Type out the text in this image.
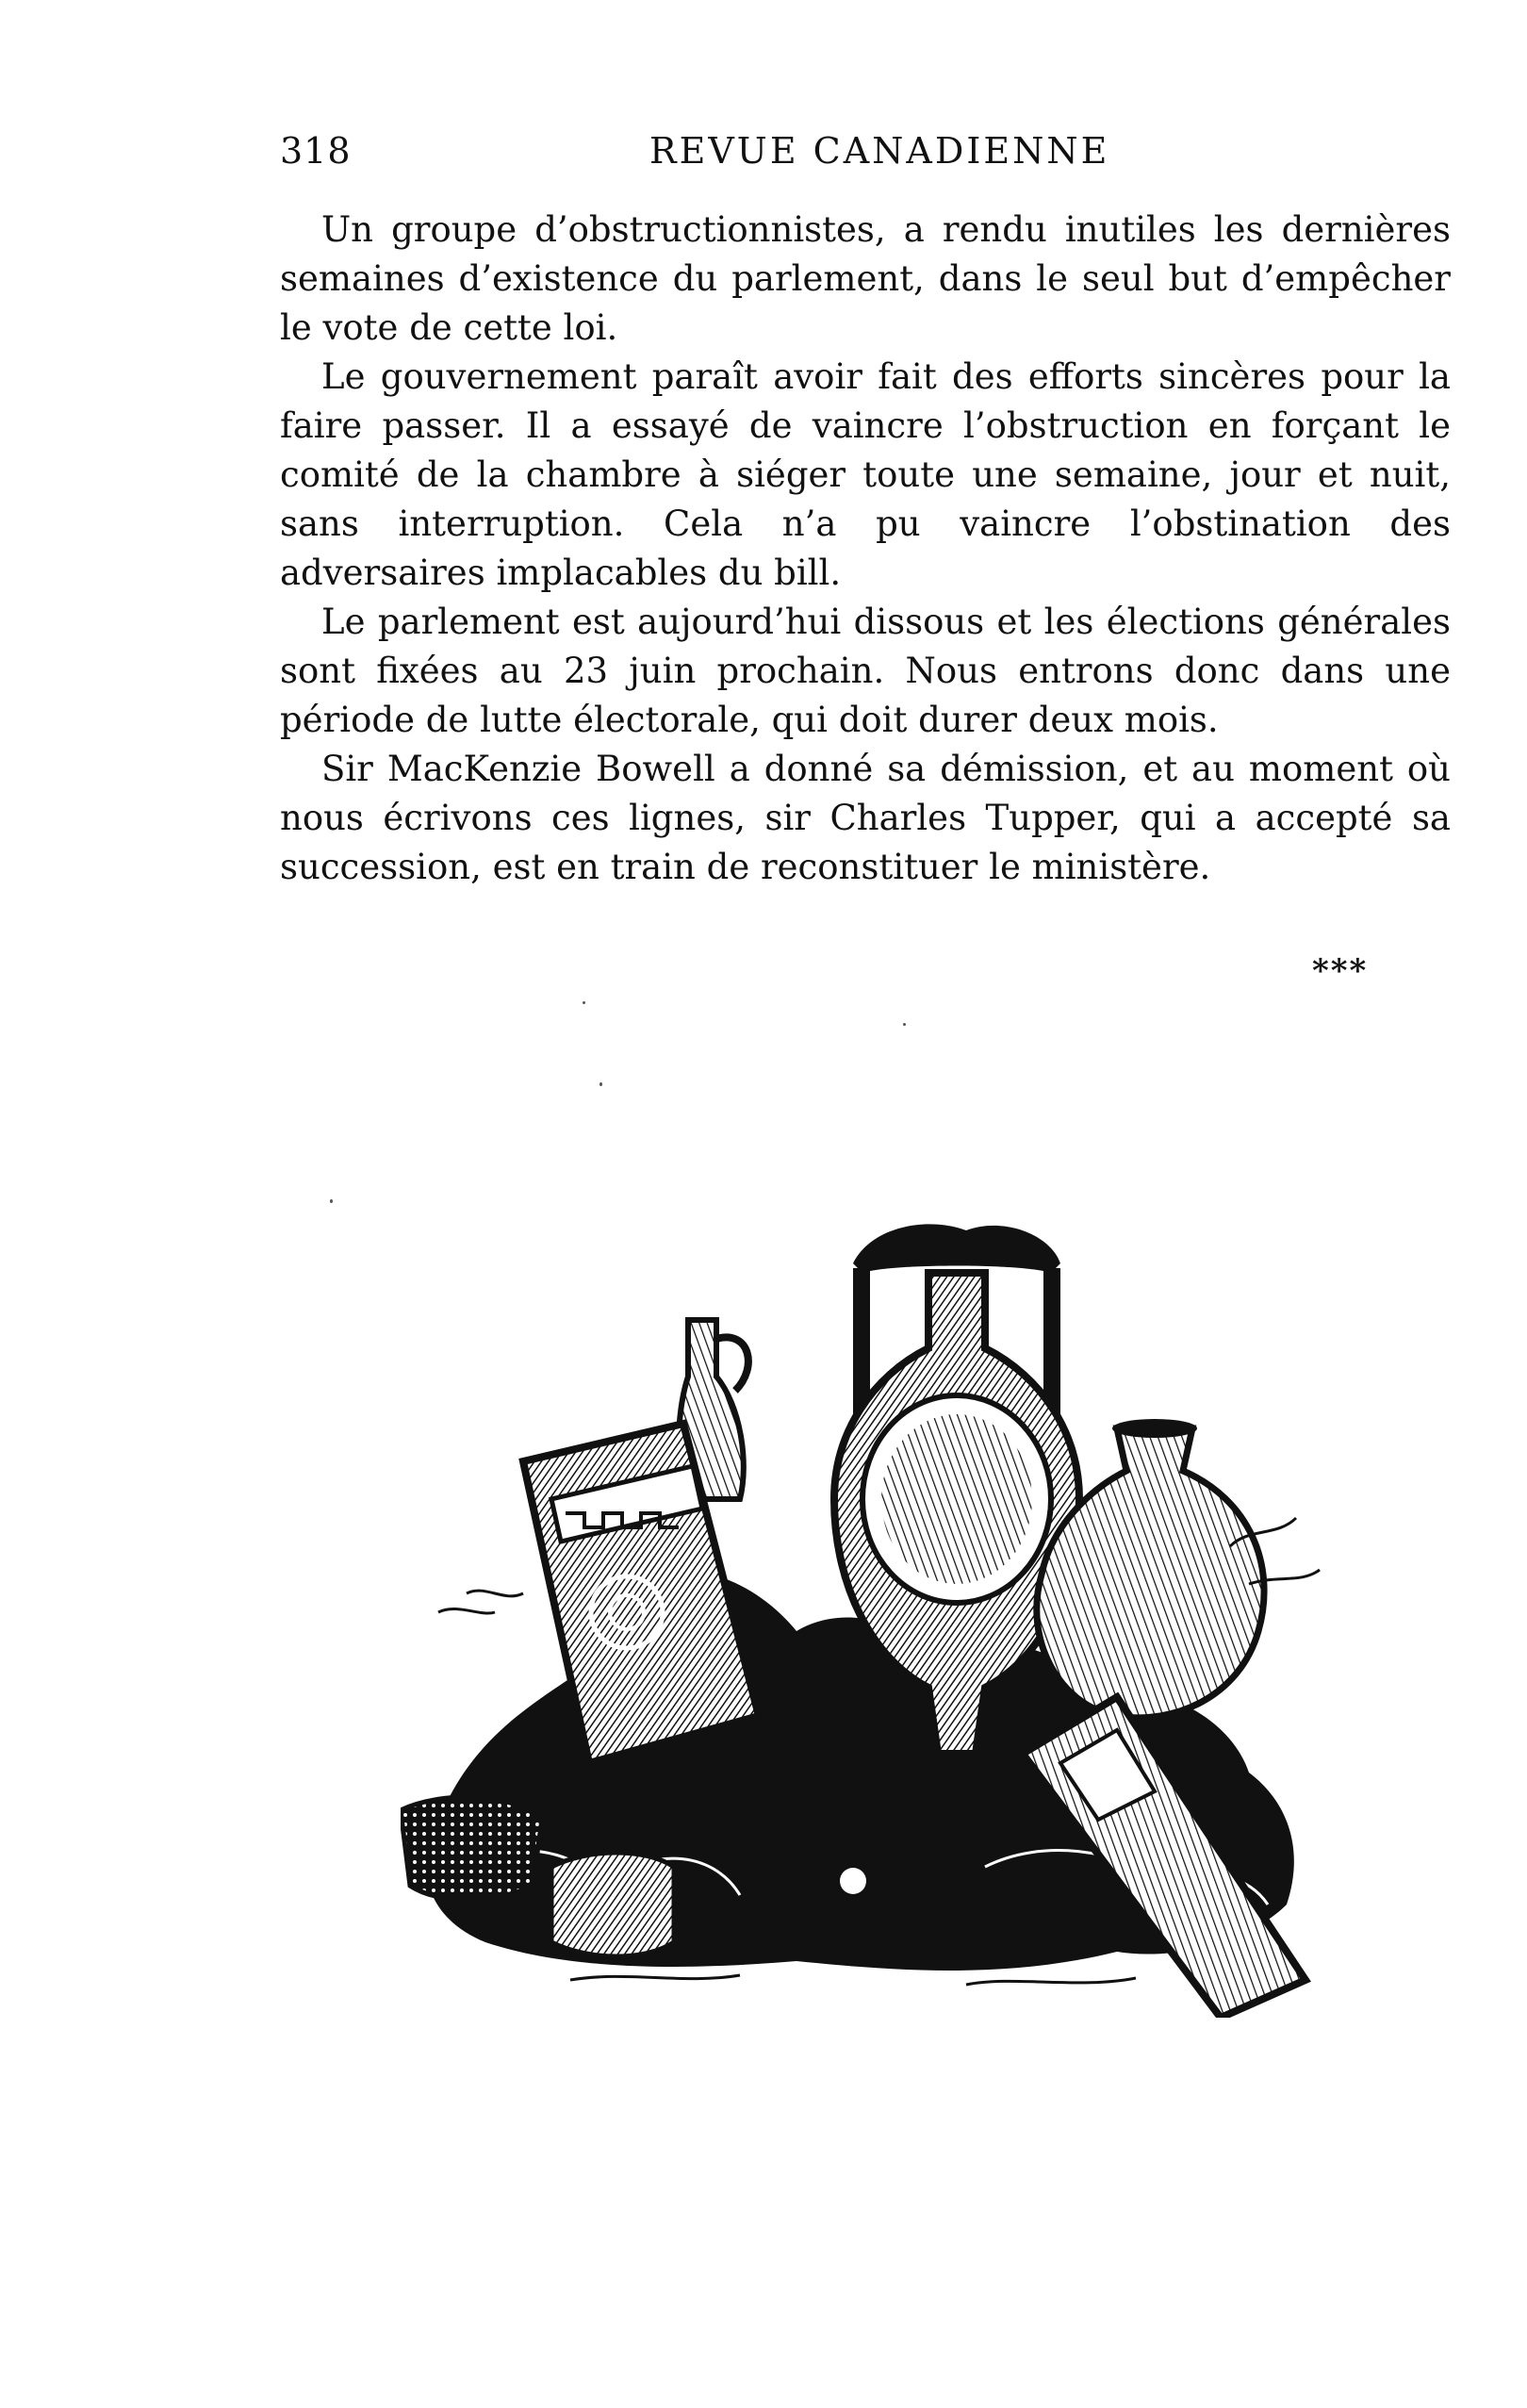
318	REVUE CANADIENNE

Un groupe d’obstructionnistes, a rendu inutiles les dernières semaines d’existence du parlement, dans le seul but d’empêcher le vote de cette loi.

Le gouvernement paraît avoir fait des efforts sincères pour la faire passer. Il a essayé de vaincre l’obstruction en forçant le comité de la chambre à siéger toute une semaine, jour et nuit, sans interruption. Cela n’a pu vaincre l’obstination des adversaires implacables du bill.

Le parlement est aujourd’hui dissous et les élections générales sont fixées au 23 juin prochain. Nous entrons donc dans une période de lutte électorale, qui doit durer deux mois.

Sir MacKenzie Bowell a donné sa démission, et au moment où nous écrivons ces lignes, sir Charles Tupper, qui a accepté sa succession, est en train de reconstituer le ministère.

***
